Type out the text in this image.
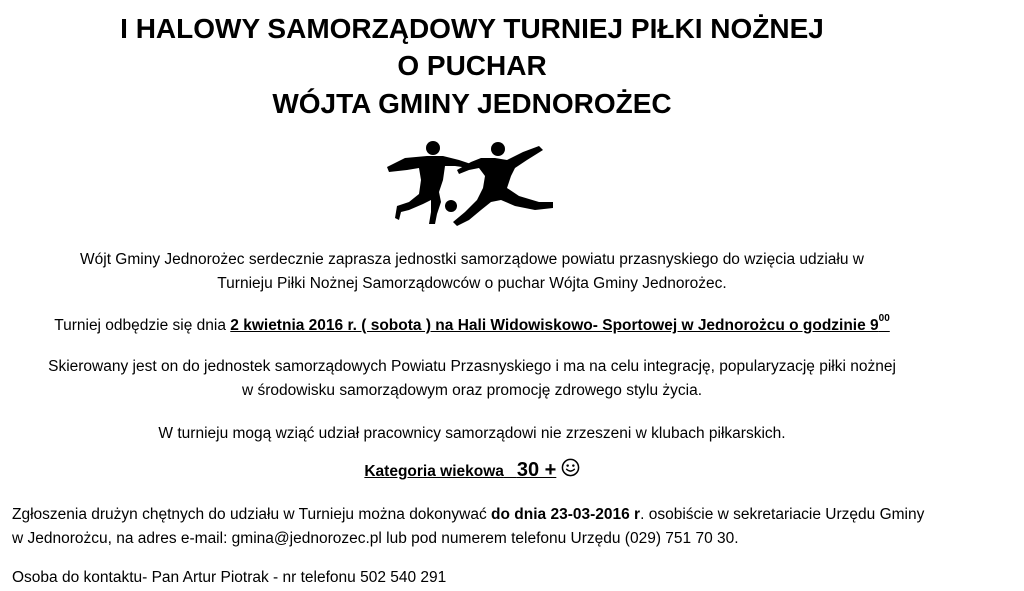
I HALOWY SAMORZĄDOWY TURNIEJ PIŁKI NOŻNEJ
O PUCHAR
WÓJTA GMINY JEDNOROŻEC

Wójt Gminy Jednorożec serdecznie zaprasza jednostki samorządowe powiatu przasnyskiego do wzięcia udziału w
Turnieju Piłki Nożnej Samorządowców o puchar Wójta Gminy Jednorożec.

Turniej odbędzie się dnia 2 kwietnia 2016 r. ( sobota ) na Hali Widowiskowo- Sportowej w Jednorożcu o godzinie $9^{00}$

Skierowany jest on do jednostek samorządowych Powiatu Przasnyskiego i ma na celu integrację, popularyzację piłki nożnej
w środowisku samorządowym oraz promocję zdrowego stylu życia.

W turnieju mogą wziąć udział pracownicy samorządowi nie zrzeszeni w klubach piłkarskich.

Kategoria wiekowa 30 +

Zgłoszenia drużyn chętnych do udziału w Turnieju można dokonywać do dnia 23-03-2016 r. osobiście w sekretariacie Urzędu Gminy
w Jednorożcu, na adres e-mail: gmina@jednorozec.pl lub pod numerem telefonu Urzędu (029) 751 70 30.

Osoba do kontaktu- Pan Artur Piotrak - nr telefonu 502 540 291
